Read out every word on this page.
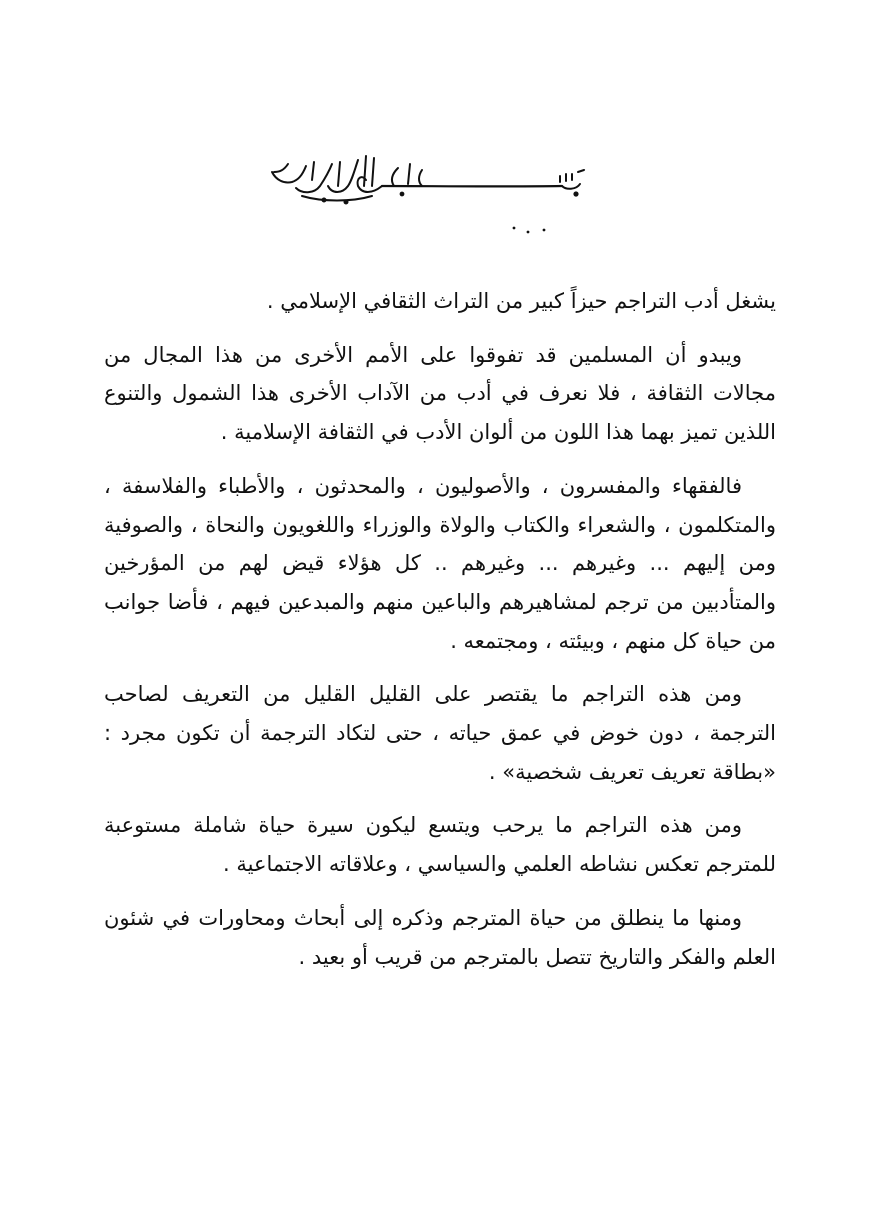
يشغل أدب التراجم حيزاً كبير من التراث الثقافي الإسلامي .

ويبدو أن المسلمين قد تفوقوا على الأمم الأخرى من هذا المجال من مجالات الثقافة ، فلا نعرف في أدب من الآداب الأخرى هذا الشمول والتنوع اللذين تميز بهما هذا اللون من ألوان الأدب في الثقافة الإسلامية .

فالفقهاء والمفسرون ، والأصوليون ، والمحدثون ، والأطباء والفلاسفة ، والمتكلمون ، والشعراء والكتاب والولاة والوزراء واللغويون والنحاة ، والصوفية ومن إليهم ... وغيرهم ... وغيرهم .. كل هؤلاء قيض لهم من المؤرخين والمتأدبين من ترجم لمشاهيرهم والباعين منهم والمبدعين فيهم ، فأضا جوانب من حياة كل منهم ، وبيئته ، ومجتمعه .

ومن هذه التراجم ما يقتصر على القليل القليل من التعريف لصاحب الترجمة ، دون خوض في عمق حياته ، حتى لتكاد الترجمة أن تكون مجرد : «بطاقة تعريف تعريف شخصية» .

ومن هذه التراجم ما يرحب ويتسع ليكون سيرة حياة شاملة مستوعبة للمترجم تعكس نشاطه العلمي والسياسي ، وعلاقاته الاجتماعية .

ومنها ما ينطلق من حياة المترجم وذكره إلى أبحاث ومحاورات في شئون العلم والفكر والتاريخ تتصل بالمترجم من قريب أو بعيد .
